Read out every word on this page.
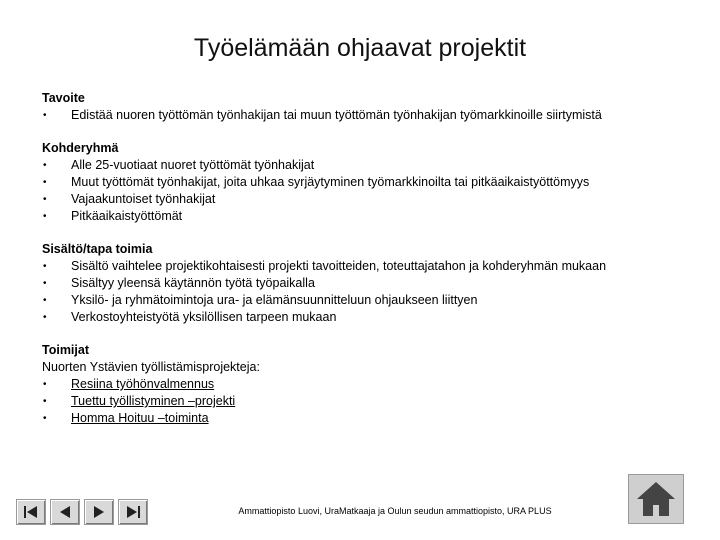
Työelämään ohjaavat projektit
Tavoite
•	Edistää nuoren työttömän työnhakijan tai muun työttömän työnhakijan työmarkkinoille siirtymistä
Kohderyhmä
•	Alle 25-vuotiaat nuoret työttömät työnhakijat
•	Muut työttömät työnhakijat, joita uhkaa syrjäytyminen työmarkkinoilta tai pitkäaikaistyöttömyys
•	Vajaakuntoiset työnhakijat
•	Pitkäaikaistyöttömät
Sisältö/tapa toimia
•	Sisältö vaihtelee projektikohtaisesti projekti tavoitteiden, toteuttajatahon ja kohderyhmän mukaan
•	Sisältyy yleensä käytännön työtä työpaikalla
•	Yksilö- ja ryhmätoimintoja ura- ja elämänsuunnitteluun ohjaukseen liittyen
•	Verkostoyhteistyötä yksilöllisen tarpeen mukaan
Toimijat
Nuorten Ystävien työllistämisprojekteja:
•	Resiina työhönvalmennus
•	Tuettu työllistyminen –projekti
•	Homma Hoituu –toiminta
Ammattiopisto Luovi, UraMatkaaja ja Oulun seudun ammattiopisto, URA PLUS
